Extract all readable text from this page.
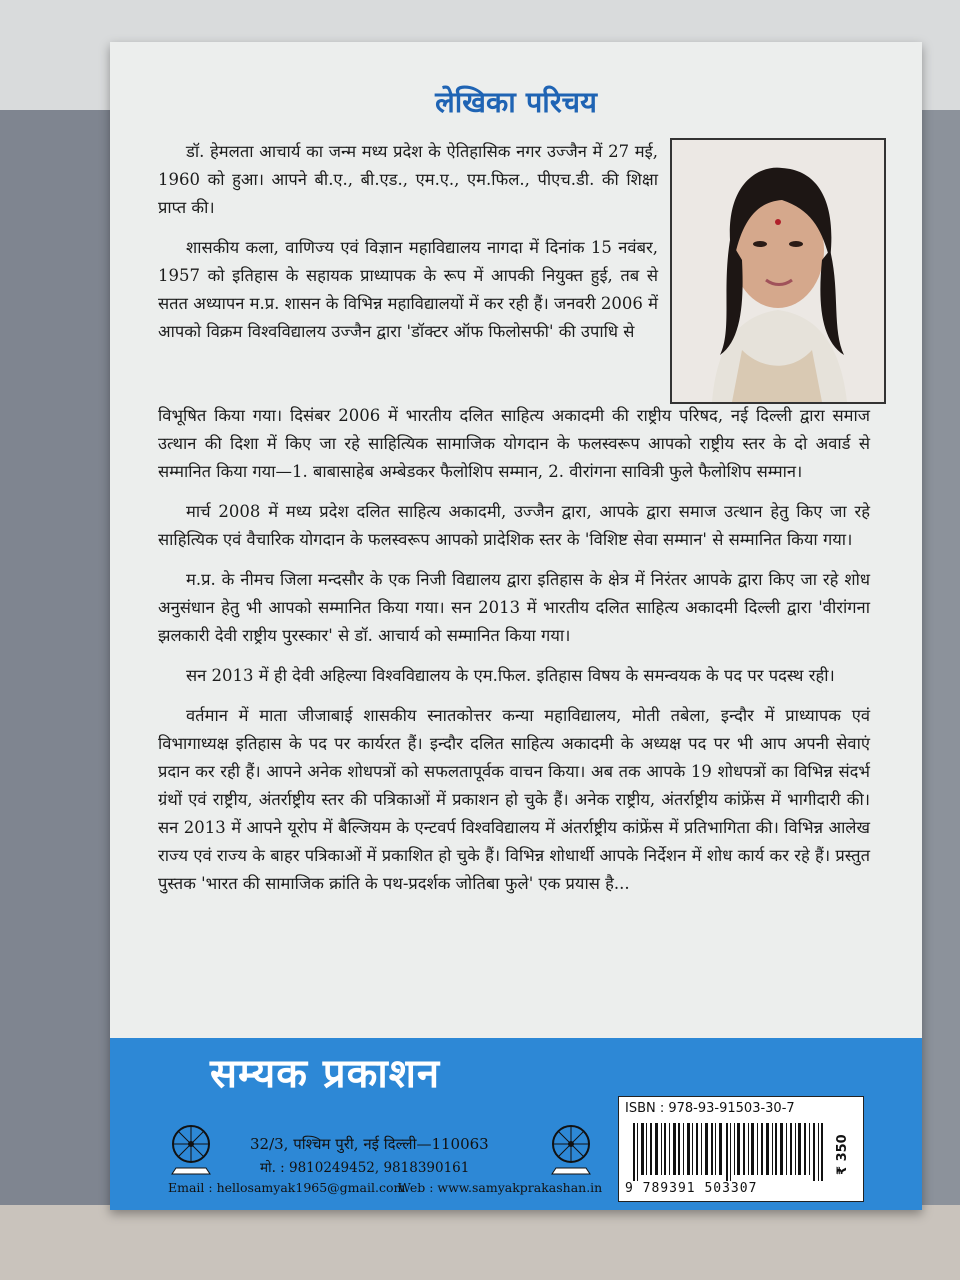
लेखिका परिचय

डॉ. हेमलता आचार्य का जन्म मध्य प्रदेश के ऐतिहासिक नगर उज्जैन में 27 मई, 1960 को हुआ। आपने बी.ए., बी.एड., एम.ए., एम.फिल., पीएच.डी. की शिक्षा प्राप्त की।

शासकीय कला, वाणिज्य एवं विज्ञान महाविद्यालय नागदा में दिनांक 15 नवंबर, 1957 को इतिहास के सहायक प्राध्यापक के रूप में आपकी नियुक्त हुई, तब से सतत अध्यापन म.प्र. शासन के विभिन्न महाविद्यालयों में कर रही हैं। जनवरी 2006 में आपको विक्रम विश्वविद्यालय उज्जैन द्वारा 'डॉक्टर ऑफ फिलोसफी' की उपाधि से

विभूषित किया गया। दिसंबर 2006 में भारतीय दलित साहित्य अकादमी की राष्ट्रीय परिषद, नई दिल्ली द्वारा समाज उत्थान की दिशा में किए जा रहे साहित्यिक सामाजिक योगदान के फलस्वरूप आपको राष्ट्रीय स्तर के दो अवार्ड से सम्मानित किया गया—1. बाबासाहेब अम्बेडकर फैलोशिप सम्मान, 2. वीरांगना सावित्री फुले फैलोशिप सम्मान।

मार्च 2008 में मध्य प्रदेश दलित साहित्य अकादमी, उज्जैन द्वारा, आपके द्वारा समाज उत्थान हेतु किए जा रहे साहित्यिक एवं वैचारिक योगदान के फलस्वरूप आपको प्रादेशिक स्तर के 'विशिष्ट सेवा सम्मान' से सम्मानित किया गया।

म.प्र. के नीमच जिला मन्दसौर के एक निजी विद्यालय द्वारा इतिहास के क्षेत्र में निरंतर आपके द्वारा किए जा रहे शोध अनुसंधान हेतु भी आपको सम्मानित किया गया। सन 2013 में भारतीय दलित साहित्य अकादमी दिल्ली द्वारा 'वीरांगना झलकारी देवी राष्ट्रीय पुरस्कार' से डॉ. आचार्य को सम्मानित किया गया।

सन 2013 में ही देवी अहिल्या विश्वविद्यालय के एम.फिल. इतिहास विषय के समन्वयक के पद पर पदस्थ रही।

वर्तमान में माता जीजाबाई शासकीय स्नातकोत्तर कन्या महाविद्यालय, मोती तबेला, इन्दौर में प्राध्यापक एवं विभागाध्यक्ष इतिहास के पद पर कार्यरत हैं। इन्दौर दलित साहित्य अकादमी के अध्यक्ष पद पर भी आप अपनी सेवाएं प्रदान कर रही हैं। आपने अनेक शोधपत्रों को सफलतापूर्वक वाचन किया। अब तक आपके 19 शोधपत्रों का विभिन्न संदर्भ ग्रंथों एवं राष्ट्रीय, अंतर्राष्ट्रीय स्तर की पत्रिकाओं में प्रकाशन हो चुके हैं। अनेक राष्ट्रीय, अंतर्राष्ट्रीय कांफ्रेंस में भागीदारी की। सन 2013 में आपने यूरोप में बैल्जियम के एन्टवर्प विश्वविद्यालय में अंतर्राष्ट्रीय कांफ्रेंस में प्रतिभागिता की। विभिन्न आलेख राज्य एवं राज्य के बाहर पत्रिकाओं में प्रकाशित हो चुके हैं। विभिन्न शोधार्थी आपके निर्देशन में शोध कार्य कर रहे हैं। प्रस्तुत पुस्तक 'भारत की सामाजिक क्रांति के पथ-प्रदर्शक जोतिबा फुले' एक प्रयास है...

सम्यक प्रकाशन
32/3, पश्चिम पुरी, नई दिल्ली—110063
मो. : 9810249452, 9818390161
Email : hellosamyak1965@gmail.com
Web : www.samyakprakashan.in
ISBN : 978-93-91503-30-7
9 789391 503307
₹ 350
